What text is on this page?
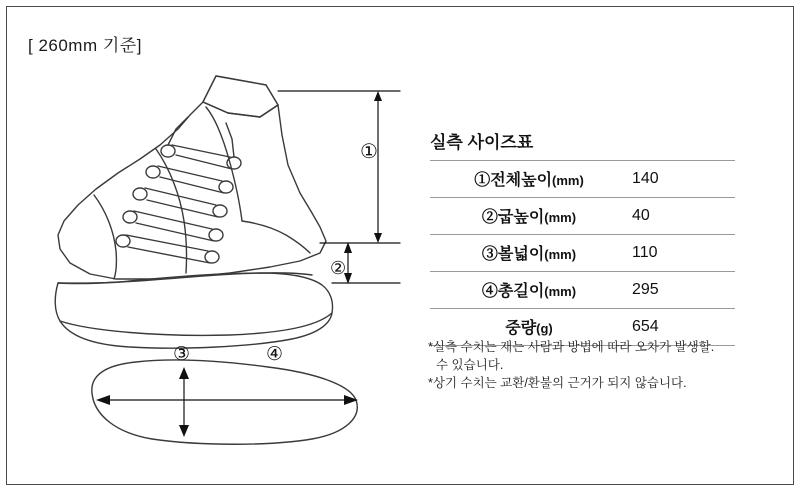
[ 260mm 기준]
①
②
③	④
실측 사이즈표
①전체높이(mm)	140
②굽높이(mm)	40
③볼넓이(mm)	110
④총길이(mm)	295
중량(g)	654
*실측 수치는 재는 사람과 방법에 따라 오차가 발생할.
수 있습니다.
*상기 수치는 교환/환불의 근거가 되지 않습니다.
